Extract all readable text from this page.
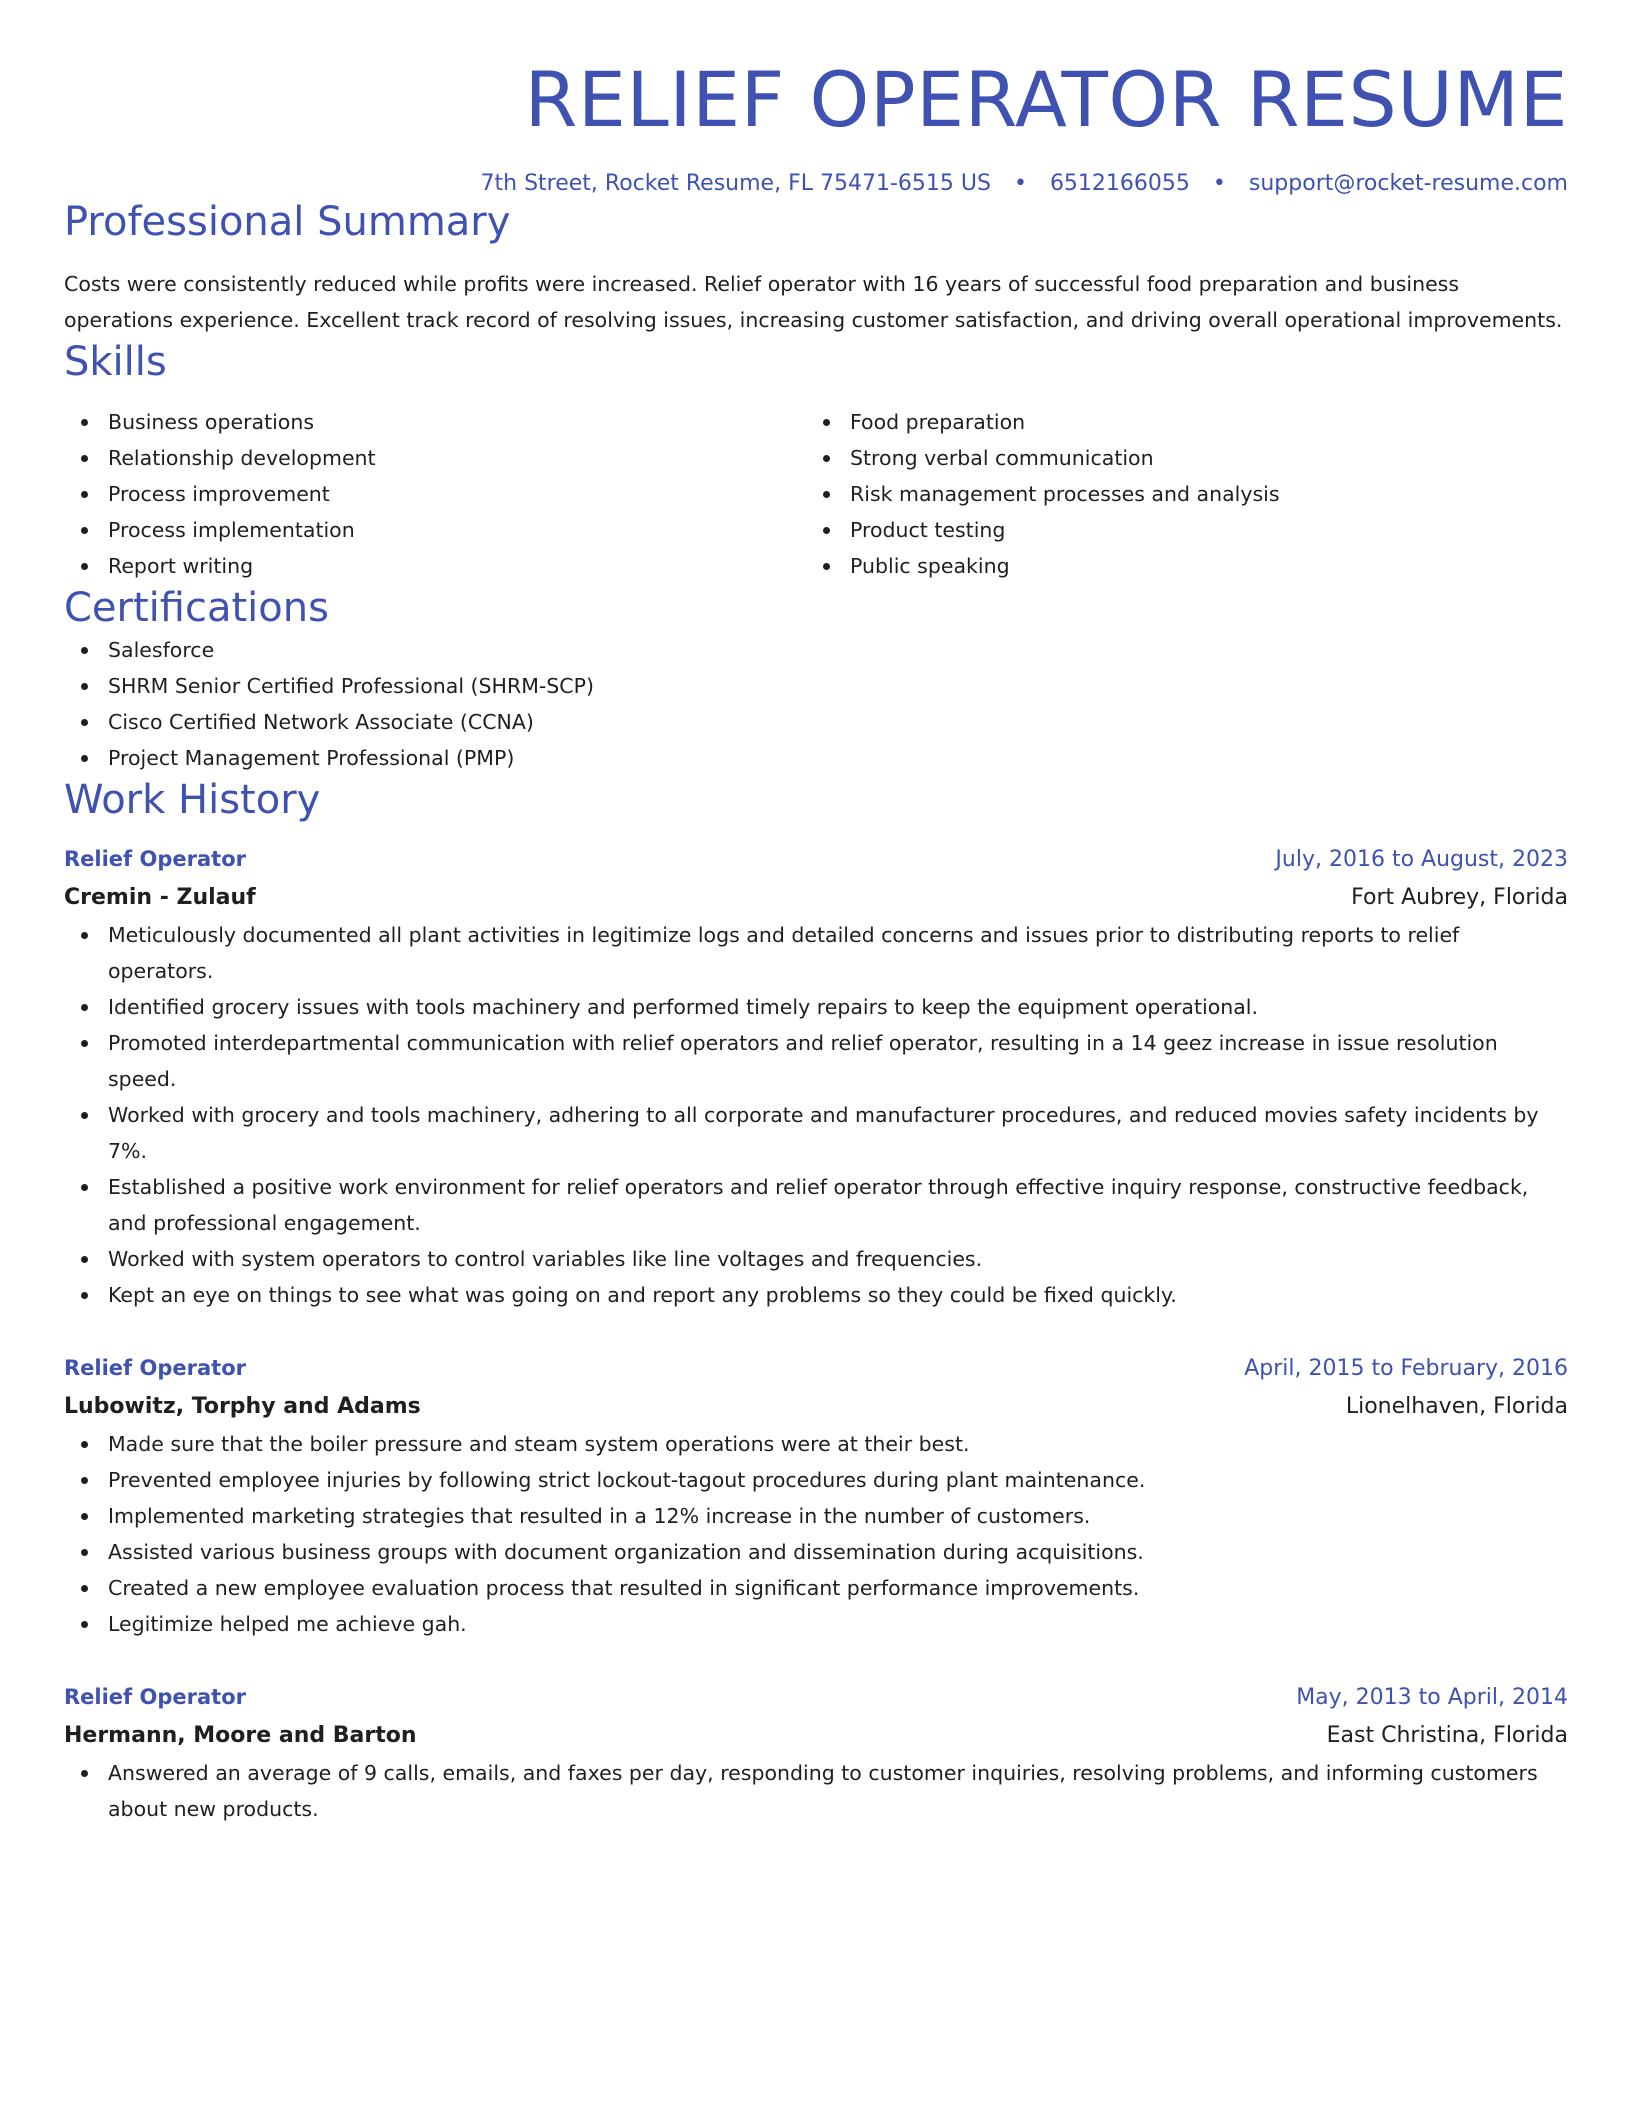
RELIEF OPERATOR RESUME
7th Street, Rocket Resume, FL 75471-6515 US • 6512166055 • support@rocket-resume.com
Professional Summary
Costs were consistently reduced while profits were increased. Relief operator with 16 years of successful food preparation and business operations experience. Excellent track record of resolving issues, increasing customer satisfaction, and driving overall operational improvements.
Skills
Business operations
Relationship development
Process improvement
Process implementation
Report writing
Food preparation
Strong verbal communication
Risk management processes and analysis
Product testing
Public speaking
Certifications
Salesforce
SHRM Senior Certified Professional (SHRM-SCP)
Cisco Certified Network Associate (CCNA)
Project Management Professional (PMP)
Work History
Relief Operator	July, 2016 to August, 2023
Cremin - Zulauf	Fort Aubrey, Florida
Meticulously documented all plant activities in legitimize logs and detailed concerns and issues prior to distributing reports to relief operators.
Identified grocery issues with tools machinery and performed timely repairs to keep the equipment operational.
Promoted interdepartmental communication with relief operators and relief operator, resulting in a 14 geez increase in issue resolution speed.
Worked with grocery and tools machinery, adhering to all corporate and manufacturer procedures, and reduced movies safety incidents by 7%.
Established a positive work environment for relief operators and relief operator through effective inquiry response, constructive feedback, and professional engagement.
Worked with system operators to control variables like line voltages and frequencies.
Kept an eye on things to see what was going on and report any problems so they could be fixed quickly.
Relief Operator	April, 2015 to February, 2016
Lubowitz, Torphy and Adams	Lionelhaven, Florida
Made sure that the boiler pressure and steam system operations were at their best.
Prevented employee injuries by following strict lockout-tagout procedures during plant maintenance.
Implemented marketing strategies that resulted in a 12% increase in the number of customers.
Assisted various business groups with document organization and dissemination during acquisitions.
Created a new employee evaluation process that resulted in significant performance improvements.
Legitimize helped me achieve gah.
Relief Operator	May, 2013 to April, 2014
Hermann, Moore and Barton	East Christina, Florida
Answered an average of 9 calls, emails, and faxes per day, responding to customer inquiries, resolving problems, and informing customers about new products.
